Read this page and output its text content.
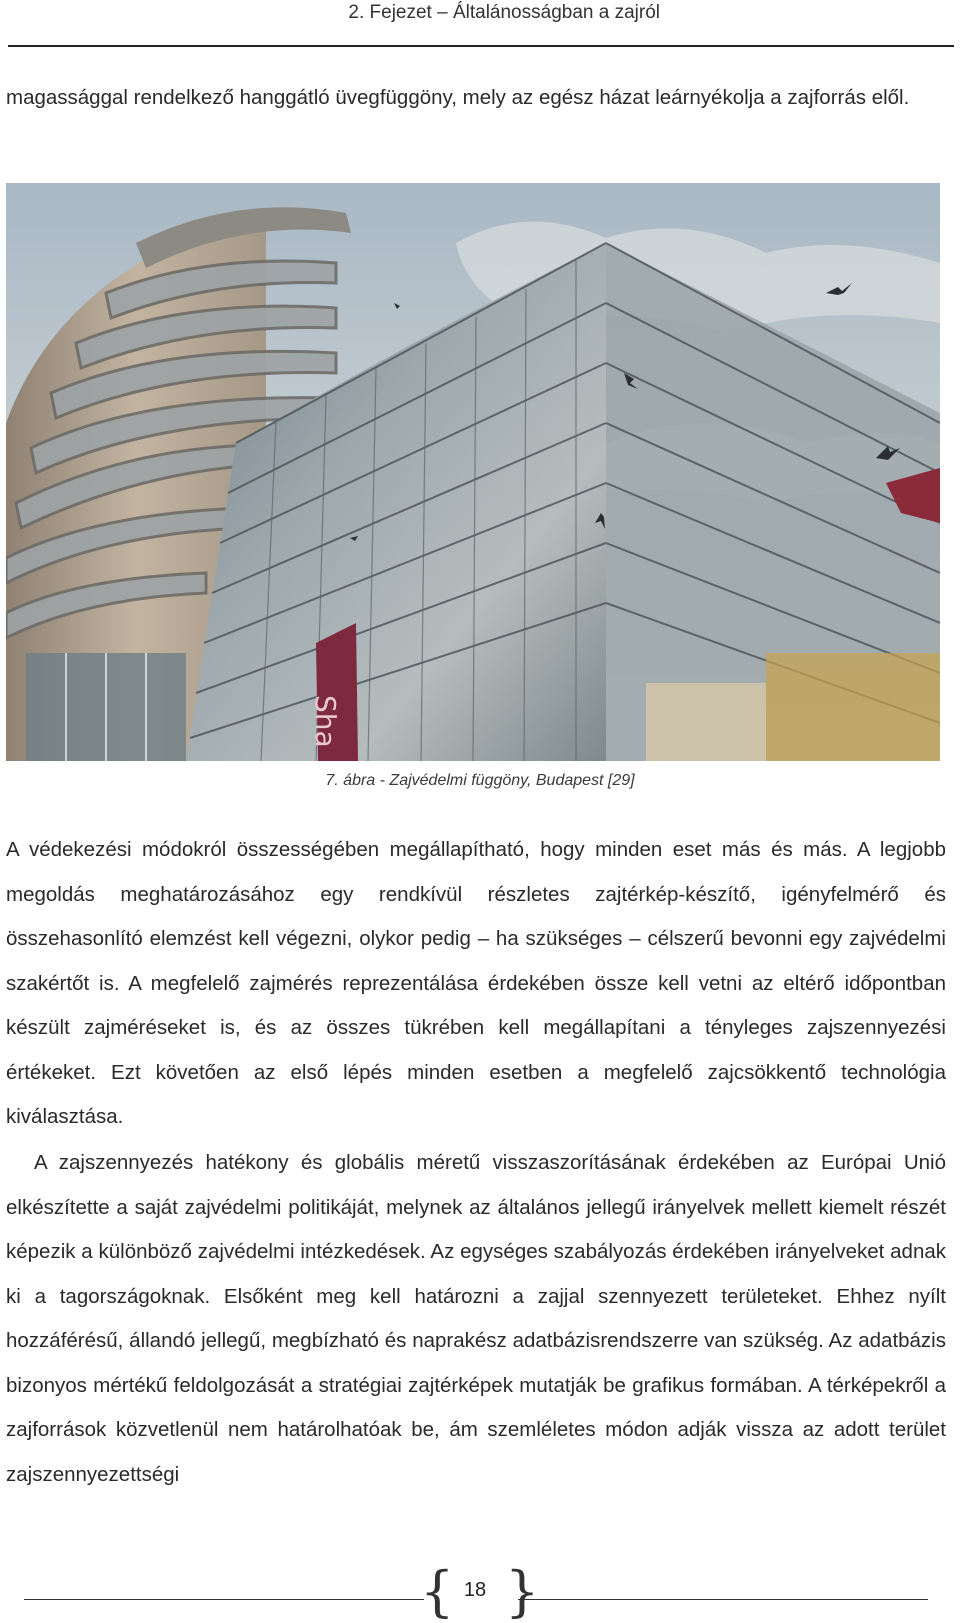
2. Fejezet – Általánosságban a zajról

magassággal rendelkező hanggátló üvegfüggöny, mely az egész házat leárnyékolja a zajforrás elől.

Sha
7. ábra - Zajvédelmi függöny, Budapest [29]

A védekezési módokról összességében megállapítható, hogy minden eset más és más. A legjobb megoldás meghatározásához egy rendkívül részletes zajtérkép-készítő, igényfelmérő és összehasonlító elemzést kell végezni, olykor pedig – ha szükséges – célszerű bevonni egy zajvédelmi szakértőt is. A megfelelő zajmérés reprezentálása érdekében össze kell vetni az eltérő időpontban készült zajméréseket is, és az összes tükrében kell megállapítani a tényleges zajszennyezési értékeket. Ezt követően az első lépés minden esetben a megfelelő zajcsökkentő technológia kiválasztása.

A zajszennyezés hatékony és globális méretű visszaszorításának érdekében az Európai Unió elkészítette a saját zajvédelmi politikáját, melynek az általános jellegű irányelvek mellett kiemelt részét képezik a különböző zajvédelmi intézkedések. Az egységes szabályozás érdekében irányelveket adnak ki a tagországoknak. Elsőként meg kell határozni a zajjal szennyezett területeket. Ehhez nyílt hozzáférésű, állandó jellegű, megbízható és naprakész adatbázisrendszerre van szükség. Az adatbázis bizonyos mértékű feldolgozását a stratégiai zajtérképek mutatják be grafikus formában. A térképekről a zajforrások közvetlenül nem határolhatóak be, ám szemléletes módon adják vissza az adott terület zajszennyezettségi

{ }
18
